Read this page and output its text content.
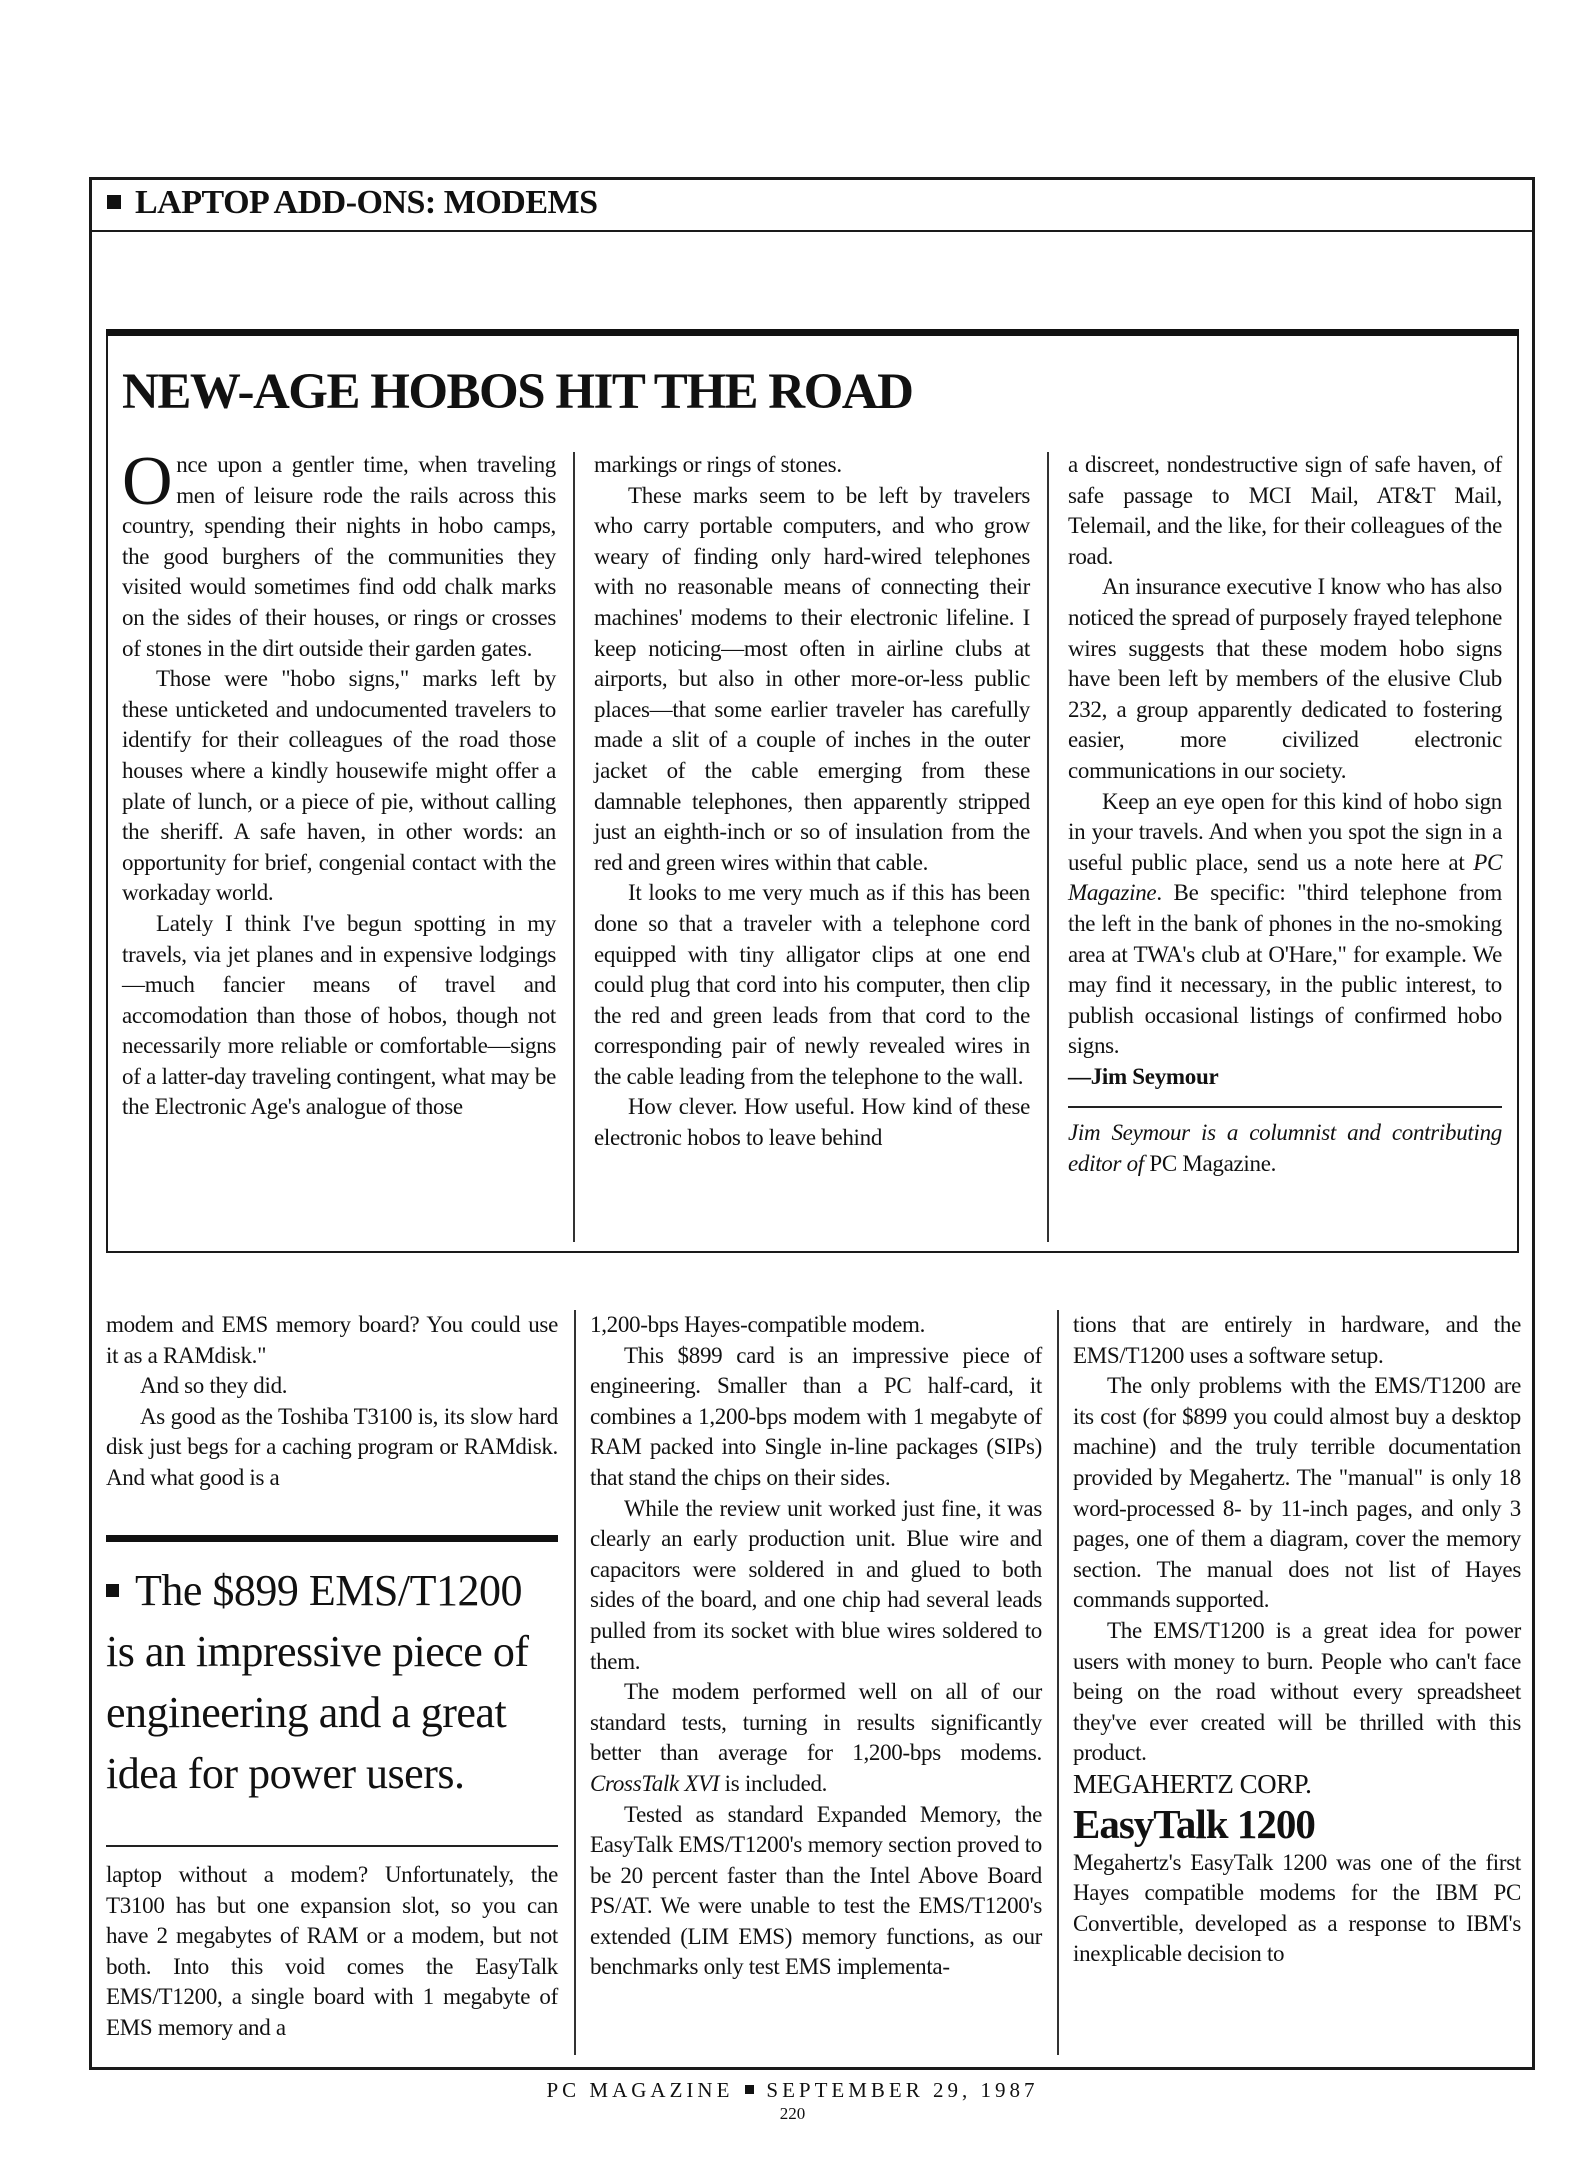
LAPTOP ADD-ONS: MODEMS
NEW-AGE HOBOS HIT THE ROAD

Once upon a gentler time, when traveling men of leisure rode the rails across this country, spending their nights in hobo camps, the good burghers of the communities they visited would sometimes find odd chalk marks on the sides of their houses, or rings or crosses of stones in the dirt outside their garden gates.

Those were "hobo signs," marks left by these unticketed and undocumented travelers to identify for their colleagues of the road those houses where a kindly housewife might offer a plate of lunch, or a piece of pie, without calling the sheriff. A safe haven, in other words: an opportunity for brief, congenial contact with the workaday world.

Lately I think I've begun spotting in my travels, via jet planes and in expensive lodgings—much fancier means of travel and accomodation than those of hobos, though not necessarily more reliable or comfortable—signs of a latter-day traveling contingent, what may be the Electronic Age's analogue of those

markings or rings of stones.

These marks seem to be left by travelers who carry portable computers, and who grow weary of finding only hard-wired telephones with no reasonable means of connecting their machines' modems to their electronic lifeline. I keep noticing—most often in airline clubs at airports, but also in other more-or-less public places—that some earlier traveler has carefully made a slit of a couple of inches in the outer jacket of the cable emerging from these damnable telephones, then apparently stripped just an eighth-inch or so of insulation from the red and green wires within that cable.

It looks to me very much as if this has been done so that a traveler with a telephone cord equipped with tiny alligator clips at one end could plug that cord into his computer, then clip the red and green leads from that cord to the corresponding pair of newly revealed wires in the cable leading from the telephone to the wall.

How clever. How useful. How kind of these electronic hobos to leave behind

a discreet, nondestructive sign of safe haven, of safe passage to MCI Mail, AT&T Mail, Telemail, and the like, for their colleagues of the road.

An insurance executive I know who has also noticed the spread of purposely frayed telephone wires suggests that these modem hobo signs have been left by members of the elusive Club 232, a group apparently dedicated to fostering easier, more civilized electronic communications in our society.

Keep an eye open for this kind of hobo sign in your travels. And when you spot the sign in a useful public place, send us a note here at PC Magazine. Be specific: "third telephone from the left in the bank of phones in the no-smoking area at TWA's club at O'Hare," for example. We may find it necessary, in the public interest, to publish occasional listings of confirmed hobo signs.

—Jim Seymour

Jim Seymour is a columnist and contributing editor of PC Magazine.

modem and EMS memory board? You could use it as a RAMdisk."

And so they did.

As good as the Toshiba T3100 is, its slow hard disk just begs for a caching program or RAMdisk. And what good is a

The $899 EMS/T1200 is an impressive piece of engineering and a great idea for power users.

laptop without a modem? Unfortunately, the T3100 has but one expansion slot, so you can have 2 megabytes of RAM or a modem, but not both. Into this void comes the EasyTalk EMS/T1200, a single board with 1 megabyte of EMS memory and a

1,200-bps Hayes-compatible modem.

This $899 card is an impressive piece of engineering. Smaller than a PC half-card, it combines a 1,200-bps modem with 1 megabyte of RAM packed into Single in-line packages (SIPs) that stand the chips on their sides.

While the review unit worked just fine, it was clearly an early production unit. Blue wire and capacitors were soldered in and glued to both sides of the board, and one chip had several leads pulled from its socket with blue wires soldered to them.

The modem performed well on all of our standard tests, turning in results significantly better than average for 1,200-bps modems. CrossTalk XVI is included.

Tested as standard Expanded Memory, the EasyTalk EMS/T1200's memory section proved to be 20 percent faster than the Intel Above Board PS/AT. We were unable to test the EMS/T1200's extended (LIM EMS) memory functions, as our benchmarks only test EMS implementa-

tions that are entirely in hardware, and the EMS/T1200 uses a software setup.

The only problems with the EMS/T1200 are its cost (for $899 you could almost buy a desktop machine) and the truly terrible documentation provided by Megahertz. The "manual" is only 18 word-processed 8- by 11-inch pages, and only 3 pages, one of them a diagram, cover the memory section. The manual does not list of Hayes commands supported.

The EMS/T1200 is a great idea for power users with money to burn. People who can't face being on the road without every spreadsheet they've ever created will be thrilled with this product.

MEGAHERTZ CORP.

EasyTalk 1200

Megahertz's EasyTalk 1200 was one of the first Hayes compatible modems for the IBM PC Convertible, developed as a response to IBM's inexplicable decision to

PC MAGAZINE SEPTEMBER 29, 1987
220
